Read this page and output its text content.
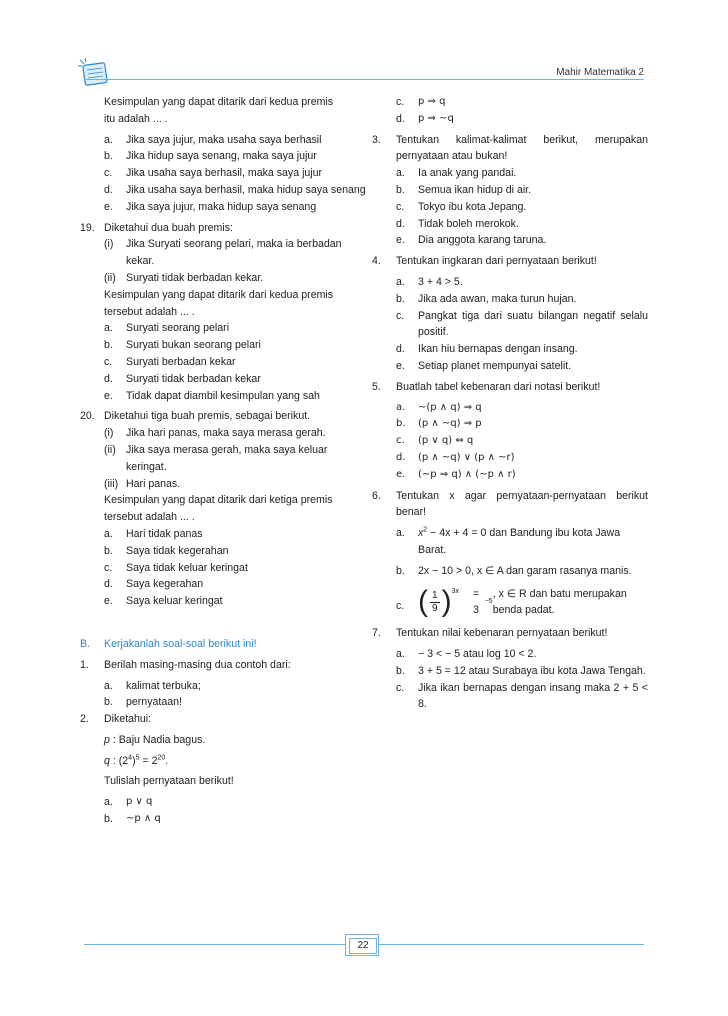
Mahir Matematika 2
Kesimpulan yang dapat ditarik dari kedua premis
itu adalah ... .
a.	Jika saya jujur, maka usaha saya berhasil
b.	Jika hidup saya senang, maka saya jujur
c.	Jika usaha saya berhasil, maka saya jujur
d.	Jika usaha saya berhasil, maka hidup saya senang
e.	Jika saya jujur, maka hidup saya senang
19. Diketahui dua buah premis:
(i)	Jika Suryati seorang pelari, maka ia berbadan kekar.
(ii) Suryati tidak berbadan kekar.
Kesimpulan yang dapat ditarik dari kedua premis tersebut adalah ... .
a.	Suryati seorang pelari
b.	Suryati bukan seorang pelari
c.	Suryati berbadan kekar
d.	Suryati tidak berbadan kekar
e.	Tidak dapat diambil kesimpulan yang sah
20. Diketahui tiga buah premis, sebagai berikut.
(i)	Jika hari panas, maka saya merasa gerah.
(ii) Jika saya merasa gerah, maka saya keluar keringat.
(iii) Hari panas.
Kesimpulan yang dapat ditarik dari ketiga premis tersebut adalah ... .
a.	Hari tidak panas
b.	Saya tidak kegerahan
c.	Saya tidak keluar keringat
d.	Saya kegerahan
e.	Saya keluar keringat
B.	Kerjakanlah soal-soal berikut ini!
1.	Berilah masing-masing dua contoh dari:
a.	kalimat terbuka;
b.	pernyataan!
2.	Diketahui:
p : Baju Nadia bagus.
q : $(2^4)^5 = 2^{20}$.
Tulislah pernyataan berikut!
a.	p ∨ q
b.	~p ∧ q
c.	p ⇒ q
d.	p ⇒ ~q
3.	Tentukan kalimat-kalimat berikut, merupakan pernyataan atau bukan!
a.	Ia anak yang pandai.
b.	Semua ikan hidup di air.
c.	Tokyo ibu kota Jepang.
d.	Tidak boleh merokok.
e.	Dia anggota karang taruna.
4.	Tentukan ingkaran dari pernyataan berikut!
a.	3 + 4 > 5.
b.	Jika ada awan, maka turun hujan.
c.	Pangkat tiga dari suatu bilangan negatif selalu positif.
d.	Ikan hiu bernapas dengan insang.
e.	Setiap planet mempunyai satelit.
5.	Buatlah tabel kebenaran dari notasi berikut!
a.	~(p ∧ q) ⇒ q
b.	(p ∧ ~q) ⇒ p
c.	(p ∨ q) ⇔ q
d.	(p ∧ ~q) ∨ (p ∧ ~r)
e.	(~p ⇒ q) ∧ (~p ∧ r)
6.	Tentukan x agar pernyataan-pernyataan berikut benar!
a.	$x^2 - 4x + 4 = 0$ dan Bandung ibu kota Jawa Barat.
b.	2x − 10 > 0, x ∈ A dan garam rasanya manis.
c. ( $\frac{1}{9}$ ) 3x = 3
−5
, x ∈ R dan batu merupakan benda padat.
7.	Tentukan nilai kebenaran pernyataan berikut!
a.	− 3 < − 5 atau log 10 < 2.
b.	3 + 5 = 12 atau Surabaya ibu kota Jawa Tengah.
c.	Jika ikan bernapas dengan insang maka 2 + 5 < 8.
22
